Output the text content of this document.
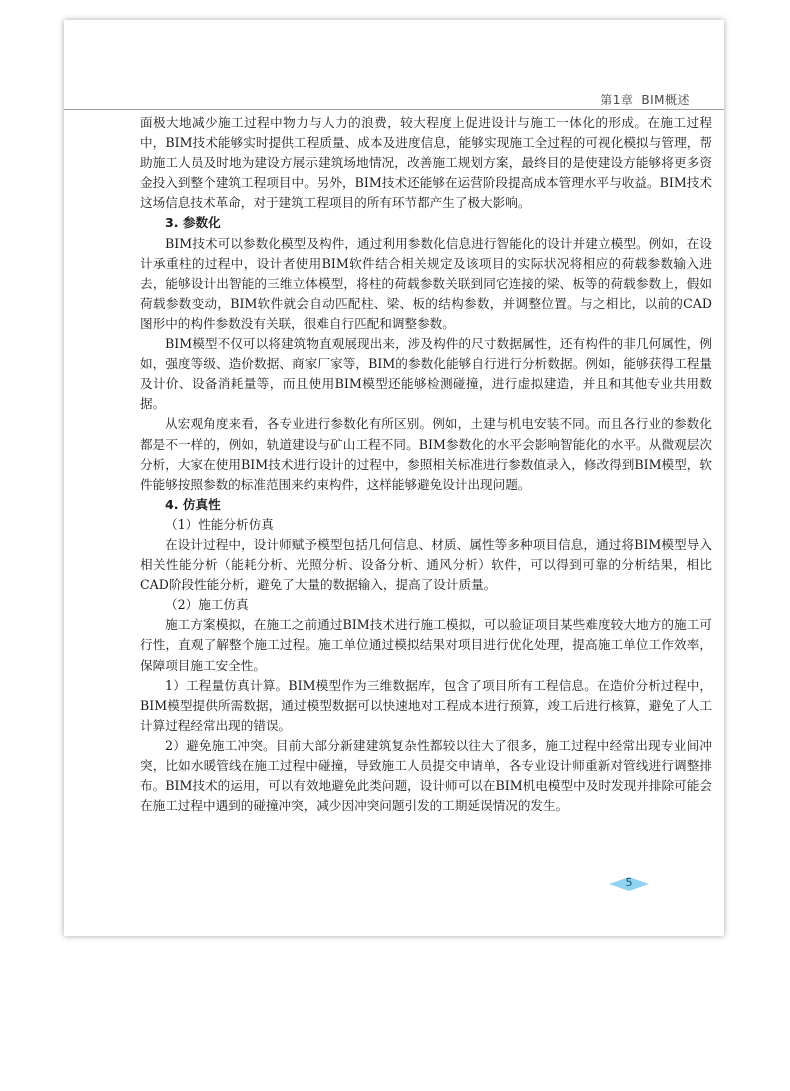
第1章 BIM概述

面极大地减少施工过程中物力与人力的浪费，较大程度上促进设计与施工一体化的形成。在施工过程中，BIM技术能够实时提供工程质量、成本及进度信息，能够实现施工全过程的可视化模拟与管理，帮助施工人员及时地为建设方展示建筑场地情况，改善施工规划方案，最终目的是使建设方能够将更多资金投入到整个建筑工程项目中。另外，BIM技术还能够在运营阶段提高成本管理水平与收益。BIM技术这场信息技术革命，对于建筑工程项目的所有环节都产生了极大影响。

3. 参数化

BIM技术可以参数化模型及构件，通过利用参数化信息进行智能化的设计并建立模型。例如，在设计承重柱的过程中，设计者使用BIM软件结合相关规定及该项目的实际状况将相应的荷载参数输入进去，能够设计出智能的三维立体模型，将柱的荷载参数关联到同它连接的梁、板等的荷载参数上，假如荷载参数变动，BIM软件就会自动匹配柱、梁、板的结构参数，并调整位置。与之相比，以前的CAD图形中的构件参数没有关联，很难自行匹配和调整参数。

BIM模型不仅可以将建筑物直观展现出来，涉及构件的尺寸数据属性，还有构件的非几何属性，例如，强度等级、造价数据、商家厂家等，BIM的参数化能够自行进行分析数据。例如，能够获得工程量及计价、设备消耗量等，而且使用BIM模型还能够检测碰撞，进行虚拟建造，并且和其他专业共用数据。

从宏观角度来看，各专业进行参数化有所区别。例如，土建与机电安装不同。而且各行业的参数化都是不一样的，例如，轨道建设与矿山工程不同。BIM参数化的水平会影响智能化的水平。从微观层次分析，大家在使用BIM技术进行设计的过程中，参照相关标准进行参数值录入，修改得到BIM模型，软件能够按照参数的标准范围来约束构件，这样能够避免设计出现问题。

4. 仿真性
（1）性能分析仿真

在设计过程中，设计师赋予模型包括几何信息、材质、属性等多种项目信息，通过将BIM模型导入相关性能分析（能耗分析、光照分析、设备分析、通风分析）软件，可以得到可靠的分析结果，相比CAD阶段性能分析，避免了大量的数据输入，提高了设计质量。

（2）施工仿真

施工方案模拟，在施工之前通过BIM技术进行施工模拟，可以验证项目某些难度较大地方的施工可行性，直观了解整个施工过程。施工单位通过模拟结果对项目进行优化处理，提高施工单位工作效率，保障项目施工安全性。

1）工程量仿真计算。BIM模型作为三维数据库，包含了项目所有工程信息。在造价分析过程中，BIM模型提供所需数据，通过模型数据可以快速地对工程成本进行预算，竣工后进行核算，避免了人工计算过程经常出现的错误。

2）避免施工冲突。目前大部分新建建筑复杂性都较以往大了很多，施工过程中经常出现专业间冲突，比如水暖管线在施工过程中碰撞，导致施工人员提交申请单，各专业设计师重新对管线进行调整排布。BIM技术的运用，可以有效地避免此类问题，设计师可以在BIM机电模型中及时发现并排除可能会在施工过程中遇到的碰撞冲突，减少因冲突问题引发的工期延误情况的发生。

5
